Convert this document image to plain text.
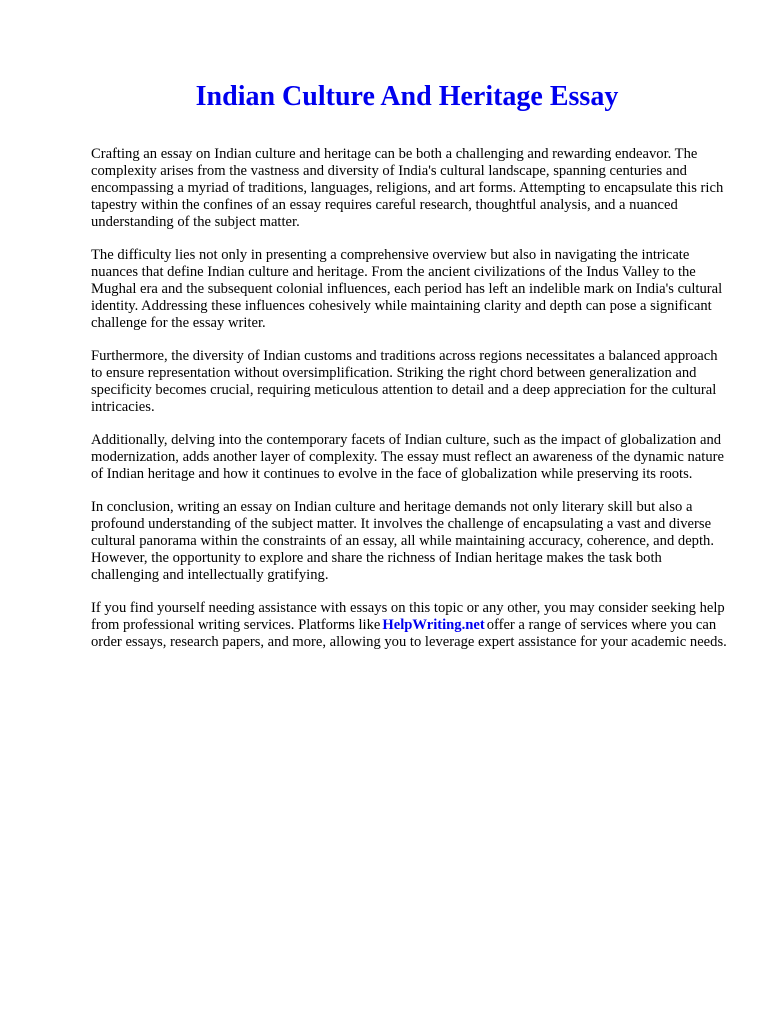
Indian Culture And Heritage Essay

Crafting an essay on Indian culture and heritage can be both a challenging and rewarding endeavor. The complexity arises from the vastness and diversity of India's cultural landscape, spanning centuries and encompassing a myriad of traditions, languages, religions, and art forms. Attempting to encapsulate this rich tapestry within the confines of an essay requires careful research, thoughtful analysis, and a nuanced understanding of the subject matter.

The difficulty lies not only in presenting a comprehensive overview but also in navigating the intricate nuances that define Indian culture and heritage. From the ancient civilizations of the Indus Valley to the Mughal era and the subsequent colonial influences, each period has left an indelible mark on India's cultural identity. Addressing these influences cohesively while maintaining clarity and depth can pose a significant challenge for the essay writer.

Furthermore, the diversity of Indian customs and traditions across regions necessitates a balanced approach to ensure representation without oversimplification. Striking the right chord between generalization and specificity becomes crucial, requiring meticulous attention to detail and a deep appreciation for the cultural intricacies.

Additionally, delving into the contemporary facets of Indian culture, such as the impact of globalization and modernization, adds another layer of complexity. The essay must reflect an awareness of the dynamic nature of Indian heritage and how it continues to evolve in the face of globalization while preserving its roots.

In conclusion, writing an essay on Indian culture and heritage demands not only literary skill but also a profound understanding of the subject matter. It involves the challenge of encapsulating a vast and diverse cultural panorama within the constraints of an essay, all while maintaining accuracy, coherence, and depth. However, the opportunity to explore and share the richness of Indian heritage makes the task both challenging and intellectually gratifying.

If you find yourself needing assistance with essays on this topic or any other, you may consider seeking help from professional writing services. Platforms like HelpWriting.net offer a range of services where you can order essays, research papers, and more, allowing you to leverage expert assistance for your academic needs.
